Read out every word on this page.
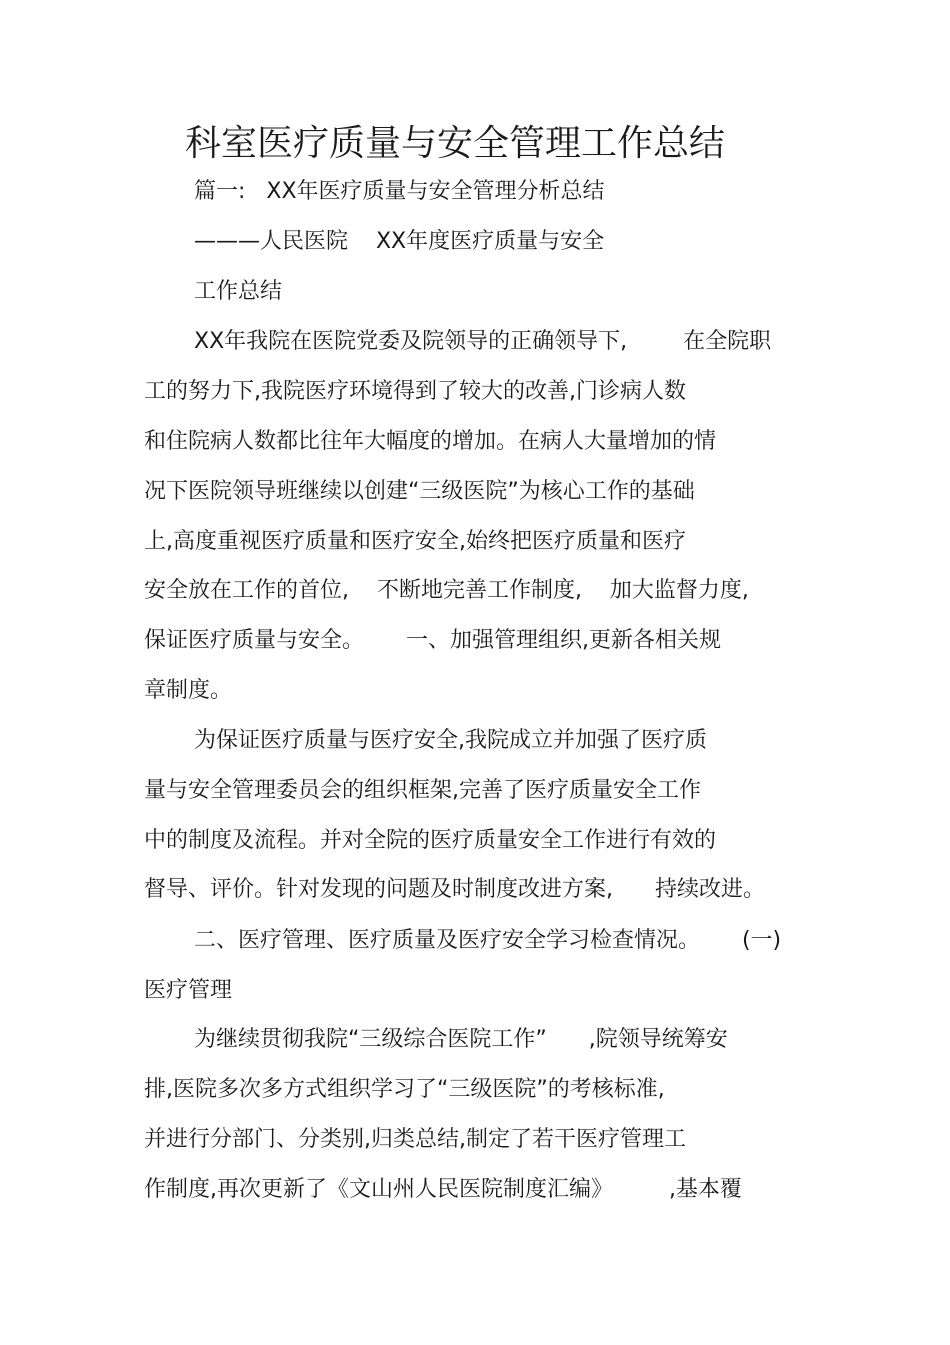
科室医疗质量与安全管理工作总结

篇一:   XX年医疗质量与安全管理分析总结

———人民医院    XX年度医疗质量与安全

工作总结

XX年我院在医院党委及院领导的正确领导下,        在全院职

工的努力下,我院医疗环境得到了较大的改善,门诊病人数

和住院病人数都比往年大幅度的增加。在病人大量增加的情

况下医院领导班继续以创建“三级医院”为核心工作的基础

上,高度重视医疗质量和医疗安全,始终把医疗质量和医疗

安全放在工作的首位,    不断地完善工作制度,    加大监督力度,

保证医疗质量与安全。      一、加强管理组织,更新各相关规

章制度。

为保证医疗质量与医疗安全,我院成立并加强了医疗质

量与安全管理委员会的组织框架,完善了医疗质量安全工作

中的制度及流程。并对全院的医疗质量安全工作进行有效的

督导、评价。针对发现的问题及时制度改进方案,      持续改进。

二、医疗管理、医疗质量及医疗安全学习检查情况。      (一)

医疗管理

为继续贯彻我院“三级综合医院工作”      ,院领导统筹安

排,医院多次多方式组织学习了“三级医院”的考核标准,

并进行分部门、分类别,归类总结,制定了若干医疗管理工

作制度,再次更新了《文山州人民医院制度汇编》        ,基本覆
